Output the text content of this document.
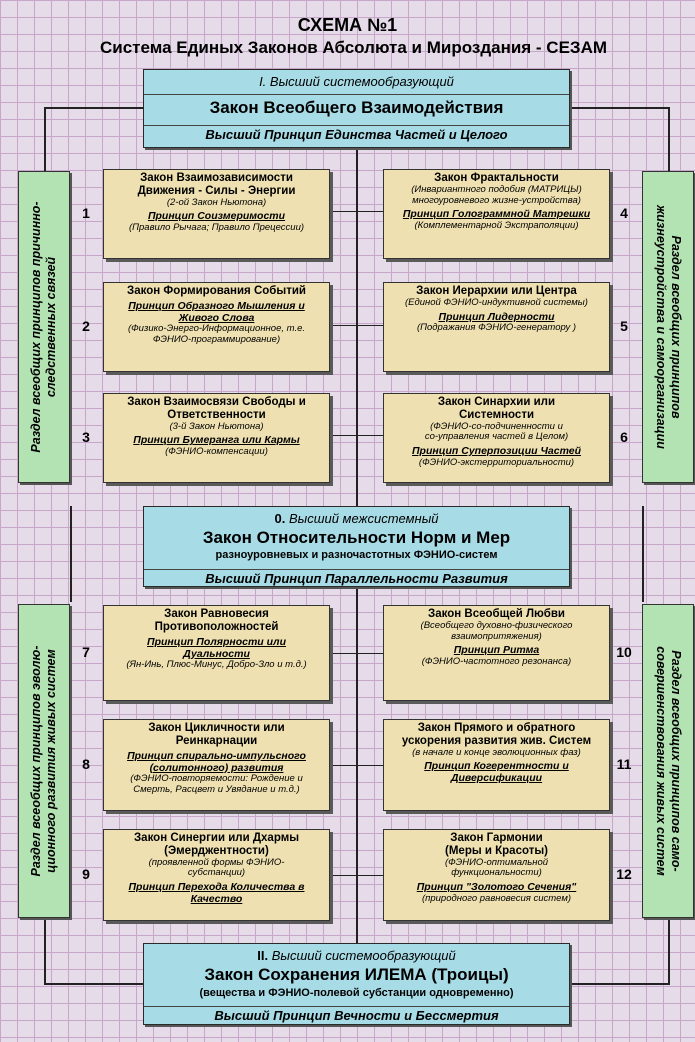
СХЕМА №1
Система Единых Законов Абсолюта и Мироздания - СЕЗАМ
I. Высший системообразующий
Закон Всеобщего Взаимодействия
Высший Принцип Единства Частей и Целого
0. Высший межсистемный
Закон Относительности Норм и Мер
разноуровневых и разночастотных ФЭНИО-систем
Высший Принцип Параллельности Развития
II. Высший системообразующий
Закон Сохранения ИЛЕМА (Троицы)
(вещества и ФЭНИО-полевой субстанции одновременно)
Высший Принцип Вечности и Бессмертия
Раздел всеобщих принципов причинно- следственных связей	Раздел всеобщих принципов
жизнеустройства и самоорганизации
Раздел всеобщих принципов эволю- ционного развития живых систем	Раздел всеобщих принципов само-
совершенствования живых систем
Закон Взаимозависимости
Движения - Силы - Энергии
(2-ой Закон Ньютона)
Принцип Соизмеримости
(Правило Рычага; Правило Прецессии)
1
Закон Формирования Событий
Принцип Образного Мышления и
Живого Слова
(Физико-Энерго-Информационное, т.е.
ФЭНИО-программирование)
2
Закон Взаимосвязи Свободы и
Ответственности
(3-й Закон Ньютона)
Принцип Бумеранга или Кармы
(ФЭНИО-компенсации)
3
Закон Фрактальности
(Инвариантного подобия (МАТРИЦЫ)
многоуровневого жизне-устройства)
Принцип Голограммной Матрешки
(Комплементарной Экстраполяции)
4
Закон Иерархии или Центра
(Единой ФЭНИО-индуктивной системы)
Принцип Лидерности
(Подражания ФЭНИО-генератору )	5
Закон Синархии или
Системности
(ФЭНИО-со-подчиненности и
со-управления частей в Целом)
Принцип Суперпозиции Частей
(ФЭНИО-экстерриториальности)
6
Закон Равновесия
Противоположностей
Принцип Полярности или
Дуальности
(Ян-Инь, Плюс-Минус, Добро-Зло и т.д.)
7
Закон Цикличности или
Реинкарнации
Принцип спирально-импульсного
(солитонного) развития
(ФЭНИО-повторяемости: Рождение и
Смерть, Расцвет и Увядание и т.д.)
8
Закон Синергии или Дхармы
(Эмерджентности)
(проявленной формы ФЭНИО-
субстанции)
Принцип Перехода Количества в
Качество
9
Закон Всеобщей Любви
(Всеобщего духовно-физического
взаимопритяжения)
Принцип Ритма
(ФЭНИО-частотного резонанса)
10
Закон Прямого и обратного
ускорения развития жив. Систем
(в начале и конце эволюционных фаз)
Принцип Когерентности и
Диверсификации
11
Закон Гармонии
(Меры и Красоты)
(ФЭНИО-оптимальной
функциональности)
Принцип "Золотого Сечения"
(природного равновесия систем)
12
